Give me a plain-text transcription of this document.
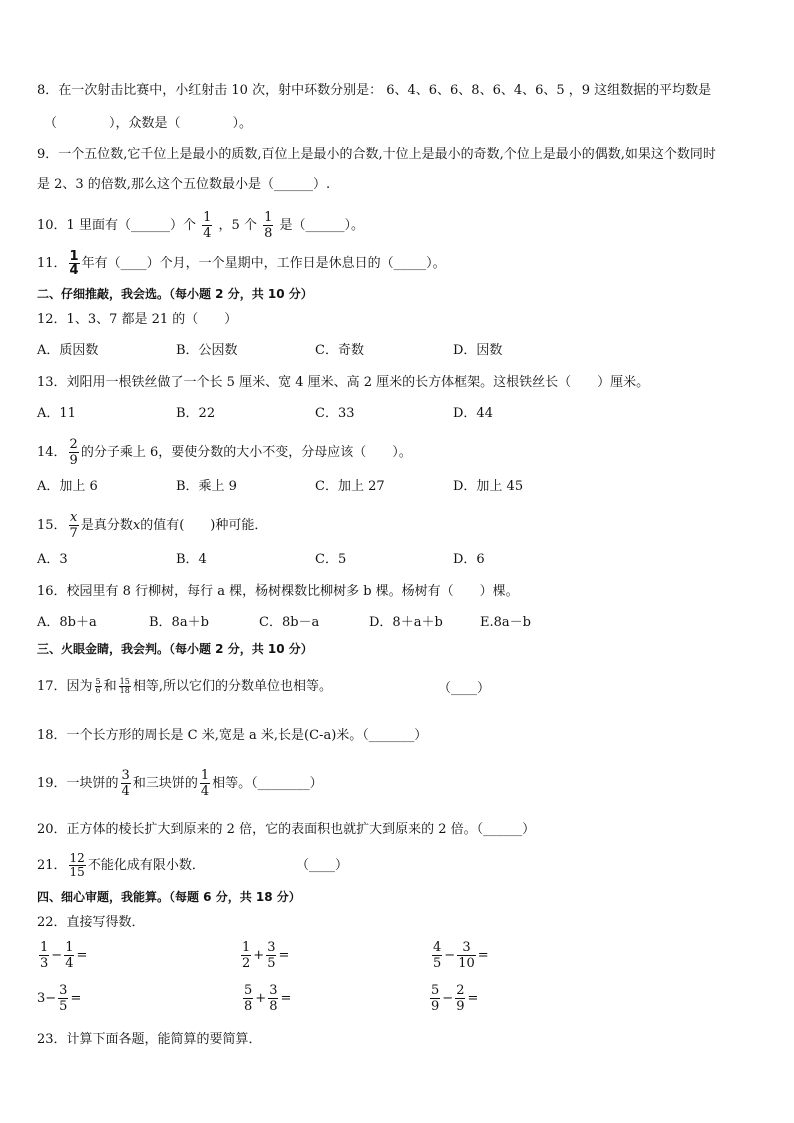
8．在一次射击比赛中，小红射击 10 次，射中环数分别是： 6、4、6、6、8、6、4、6、5 ，9 这组数据的平均数是
（　　　　），众数是（　　　　）。
9．一个五位数,它千位上是最小的质数,百位上是最小的合数,十位上是最小的奇数,个位上是最小的偶数,如果这个数同时
是 2、3 的倍数,那么这个五位数最小是（______）.
10．1 里面有（______）个 $\frac{1}{4}$ ，5 个 $\frac{1}{8}$ 是（______）。
11． $\frac{1}{4}$ 年有（____）个月，一个星期中，工作日是休息日的（_____）。
二、仔细推敲，我会选。（每小题 2 分，共 10 分）
12．1、3、7 都是 21 的（　　）
A．质因数	B．公因数	C．奇数	D．因数
13．刘阳用一根铁丝做了一个长 5 厘米、宽 4 厘米、高 2 厘米的长方体框架。这根铁丝长（　　）厘米。
A．11	B．22	C．33	D．44
14． $\frac{2}{9}$ 的分子乘上 6，要使分数的大小不变，分母应该（　　）。
A．加上 6	B．乘上 9	C．加上 27	D．加上 45
15． $\frac{x}{7}$ 是真分数x的值有(　　)种可能．
A．3	B．4	C．5	D．6
16．校园里有 8 行柳树，每行 a 棵，杨树棵数比柳树多 b 棵。杨树有（　　）棵。
A．8b＋a	B．8a＋b	C．8b－a	D．8＋a＋b	E.8a－b
三、火眼金睛，我会判。（每小题 2 分，共 10 分）
17．因为 $\frac{5}{6}$ 和 $\frac{15}{18}$ 相等,所以它们的分数单位也相等。	（____）
18．一个长方形的周长是 C 米,宽是 a 米,长是(C-a)米。（_______）
19．一块饼的 $\frac{3}{4}$ 和三块饼的 $\frac{1}{4}$ 相等。（________）
20．正方体的棱长扩大到原来的 2 倍，它的表面积也就扩大到原来的 2 倍。（______）
21． $\frac{12}{15}$ 不能化成有限小数．	（____）
四、细心审题，我能算。（每题 6 分，共 18 分）
22．直接写得数．
$\frac{1}{3} - \frac{1}{4}$ =	$\frac{1}{2} + \frac{3}{5}$ =	$\frac{4}{5} - \frac{3}{10}$ =
$3- \frac{3}{5}$ =	$\frac{5}{8} + \frac{3}{8}$ =	$\frac{5}{9} - \frac{2}{9}$ =
23．计算下面各题，能简算的要简算．
